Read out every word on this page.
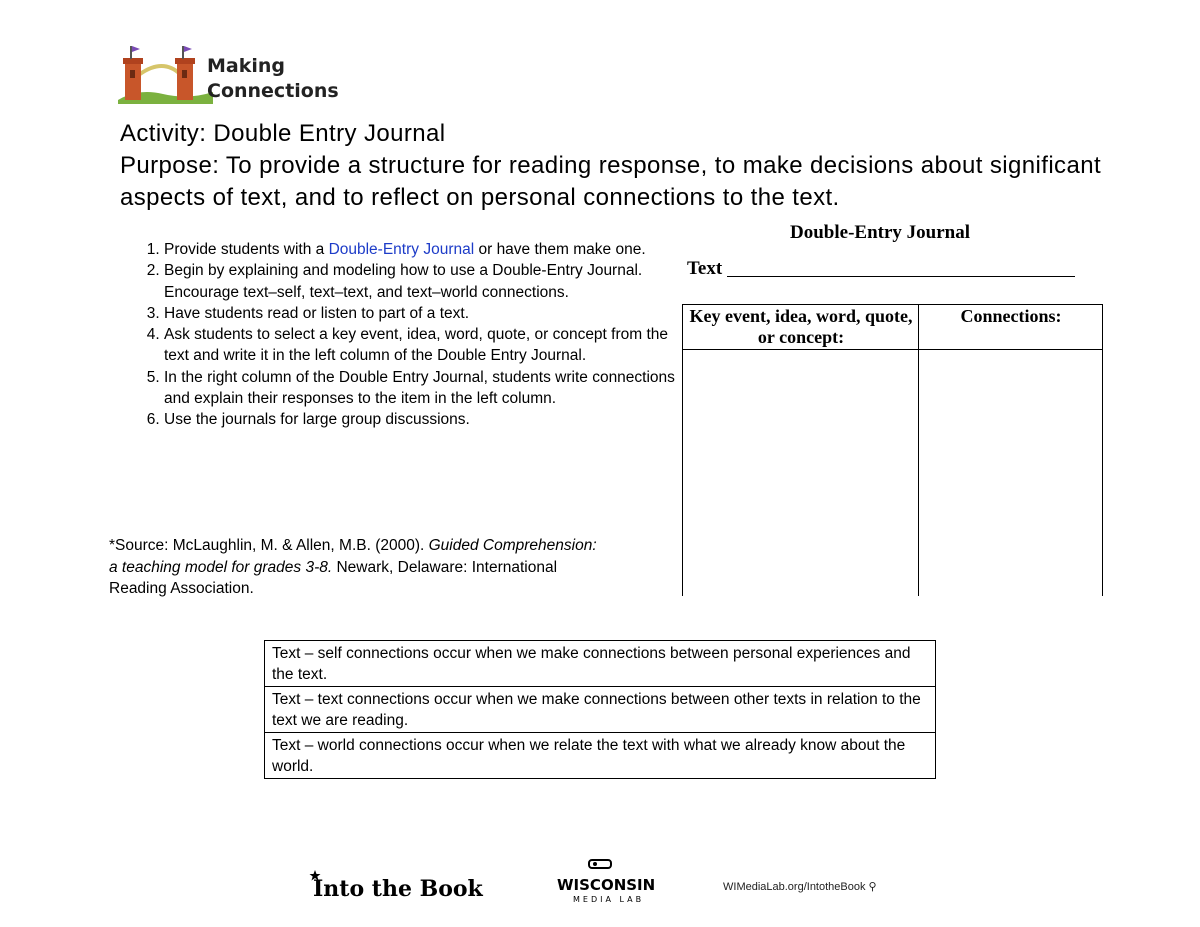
Making
Connections

Activity: Double Entry Journal

Purpose: To provide a structure for reading response, to make decisions about significant aspects of text, and to reflect on personal connections to the text.

1. Provide students with a Double-Entry Journal or have them make one.
2. Begin by explaining and modeling how to use a Double-Entry Journal. Encourage text–self, text–text, and text–world connections.
3. Have students read or listen to part of a text.
4. Ask students to select a key event, idea, word, quote, or concept from the text and write it in the left column of the Double Entry Journal.
5. In the right column of the Double Entry Journal, students write connections and explain their responses to the item in the left column.
6. Use the journals for large group discussions.
*Source: McLaughlin, M. & Allen, M.B. (2000). Guided Comprehension: a teaching model for grades 3-8. Newark, Delaware: International Reading Association.
Double-Entry Journal
Text
Key event, idea, word, quote, or concept:
Connections:
Text – self connections occur when we make connections between personal experiences and the text.
Text – text connections occur when we make connections between other texts in relation to the text we are reading.
Text – world connections occur when we relate the text with what we already know about the world.
Into the Book	WISCONSIN
MEDIA LAB
WIMediaLab.org/IntotheBook ⚲
